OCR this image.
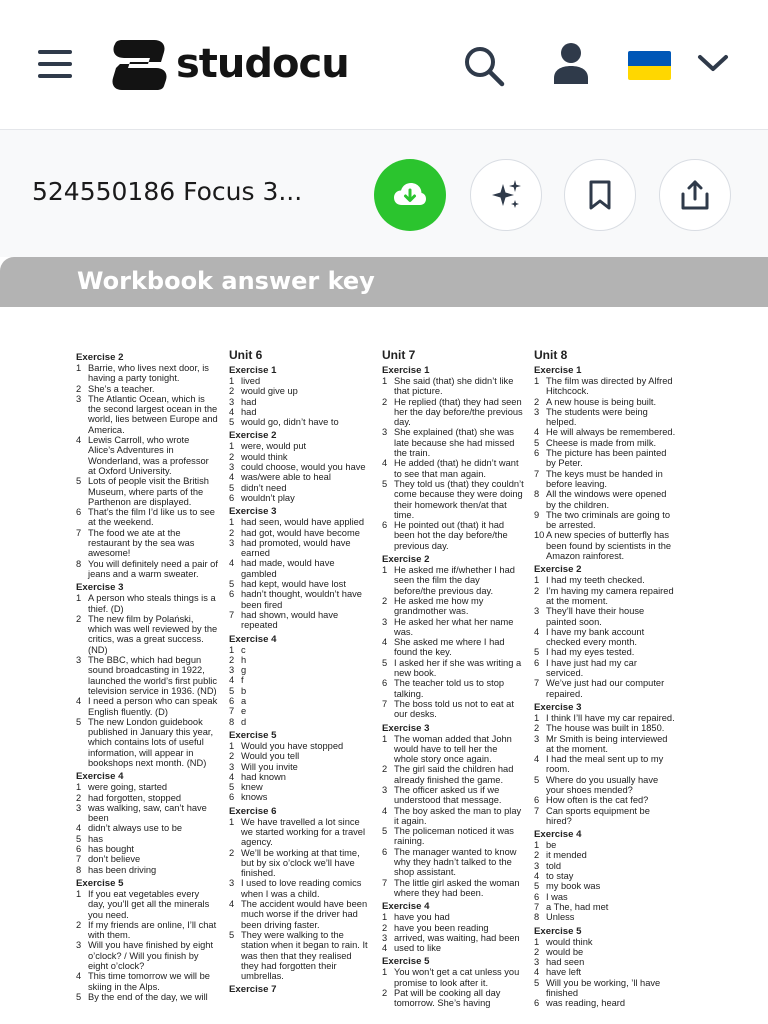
studocu
524550186 Focus 3...
Workbook answer key
Exercise 2
1 Barrie, who lives next door, is having a party tonight.
2 She’s a teacher.
3 The Atlantic Ocean, which is the second largest ocean in the world, lies between Europe and America.
4 Lewis Carroll, who wrote Alice’s Adventures in Wonderland, was a professor at Oxford University.
5 Lots of people visit the British Museum, where parts of the Parthenon are displayed.
6 That’s the film I’d like us to see at the weekend.
7 The food we ate at the restaurant by the sea was awesome!
8 You will definitely need a pair of jeans and a warm sweater.
Exercise 3
1 A person who steals things is a thief. (D)
2 The new film by Polański, which was well reviewed by the critics, was a great success. (ND)
3 The BBC, which had begun sound broadcasting in 1922, launched the world’s first public television service in 1936. (ND)
4 I need a person who can speak English fluently. (D)
5 The new London guidebook published in January this year, which contains lots of useful information, will appear in bookshops next month. (ND)
Exercise 4
1 were going, started
2 had forgotten, stopped
3 was walking, saw, can’t have been
4 didn’t always use to be
5 has
6 has bought
7 don’t believe
8 has been driving
Exercise 5
1 If you eat vegetables every day, you’ll get all the minerals you need.
2 If my friends are online, I’ll chat with them.
3 Will you have finished by eight o’clock? / Will you finish by eight o’clock?
4 This time tomorrow we will be skiing in the Alps.
5 By the end of the day, we will
Unit 6
Exercise 1
1 lived
2 would give up
3 had
4 had
5 would go, didn’t have to
Exercise 2
1 were, would put
2 would think
3 could choose, would you have
4 was/were able to heal
5 didn’t need
6 wouldn’t play
Exercise 3
1 had seen, would have applied
2 had got, would have become
3 had promoted, would have earned
4 had made, would have gambled
5 had kept, would have lost
6 hadn’t thought, wouldn’t have been fired
7 had shown, would have repeated
Exercise 4
1 c
2 h
3 g
4 f
5 b
6 a
7 e
8 d
Exercise 5
1 Would you have stopped
2 Would you tell
3 Will you invite
4 had known
5 knew
6 knows
Exercise 6
1 We have travelled a lot since we started working for a travel agency.
2 We’ll be working at that time, but by six o’clock we’ll have finished.
3 I used to love reading comics when I was a child.
4 The accident would have been much worse if the driver had been driving faster.
5 They were walking to the station when it began to rain. It was then that they realised they had forgotten their umbrellas.
Exercise 7
Unit 7
Exercise 1
1 She said (that) she didn’t like that picture.
2 He replied (that) they had seen her the day before/the previous day.
3 She explained (that) she was late because she had missed the train.
4 He added (that) he didn’t want to see that man again.
5 They told us (that) they couldn’t come because they were doing their homework then/at that time.
6 He pointed out (that) it had been hot the day before/the previous day.
Exercise 2
1 He asked me if/whether I had seen the film the day before/the previous day.
2 He asked me how my grandmother was.
3 He asked her what her name was.
4 She asked me where I had found the key.
5 I asked her if she was writing a new book.
6 The teacher told us to stop talking.
7 The boss told us not to eat at our desks.
Exercise 3
1 The woman added that John would have to tell her the whole story once again.
2 The girl said the children had already finished the game.
3 The officer asked us if we understood that message.
4 The boy asked the man to play it again.
5 The policeman noticed it was raining.
6 The manager wanted to know why they hadn’t talked to the shop assistant.
7 The little girl asked the woman where they had been.
Exercise 4
1 have you had
2 have you been reading
3 arrived, was waiting, had been
4 used to like
Exercise 5
1 You won’t get a cat unless you promise to look after it.
2 Pat will be cooking all day tomorrow. She’s having
Unit 8
Exercise 1
1 The film was directed by Alfred Hitchcock.
2 A new house is being built.
3 The students were being helped.
4 He will always be remembered.
5 Cheese is made from milk.
6 The picture has been painted by Peter.
7 The keys must be handed in before leaving.
8 All the windows were opened by the children.
9 The two criminals are going to be arrested.
10 A new species of butterfly has been found by scientists in the Amazon rainforest.
Exercise 2
1 I had my teeth checked.
2 I’m having my camera repaired at the moment.
3 They’ll have their house painted soon.
4 I have my bank account checked every month.
5 I had my eyes tested.
6 I have just had my car serviced.
7 We’ve just had our computer repaired.
Exercise 3
1 I think I’ll have my car repaired.
2 The house was built in 1850.
3 Mr Smith is being interviewed at the moment.
4 I had the meal sent up to my room.
5 Where do you usually have your shoes mended?
6 How often is the cat fed?
7 Can sports equipment be hired?
Exercise 4
1 be
2 it mended
3 told
4 to stay
5 my book was
6 I was
7 a The, had met
8 Unless
Exercise 5
1 would think
2 would be
3 had seen
4 have left
5 Will you be working, ’ll have finished
6 was reading, heard
